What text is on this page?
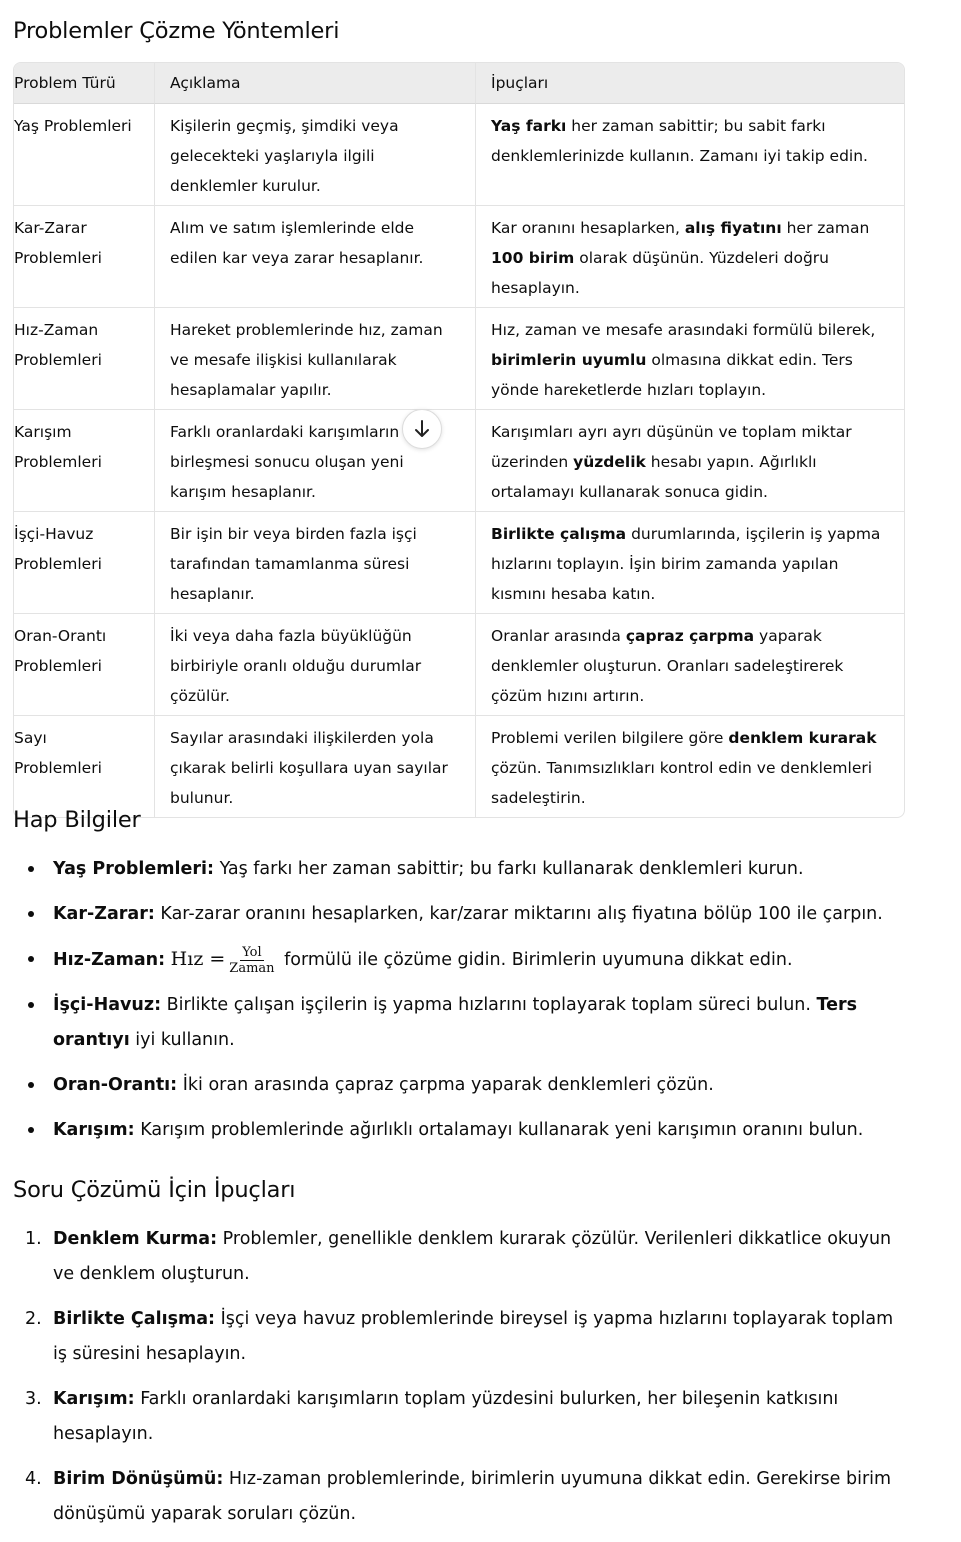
Problemler Çözme Yöntemleri
Problem Türü	Açıklama	İpuçları
Yaş Problemleri	Kişilerin geçmiş, şimdiki veya gelecekteki yaşlarıyla ilgili denklemler kurulur.	Yaş farkı her zaman sabittir; bu sabit farkı denklemlerinizde kullanın. Zamanı iyi takip edin.
Kar-Zarar Problemleri	Alım ve satım işlemlerinde elde edilen kar veya zarar hesaplanır.	Kar oranını hesaplarken, alış fiyatını her zaman 100 birim olarak düşünün. Yüzdeleri doğru hesaplayın.
Hız-Zaman Problemleri	Hareket problemlerinde hız, zaman ve mesafe ilişkisi kullanılarak hesaplamalar yapılır.	Hız, zaman ve mesafe arasındaki formülü bilerek, birimlerin uyumlu olmasına dikkat edin. Ters yönde hareketlerde hızları toplayın.
Karışım Problemleri	Farklı oranlardaki karışımların birleşmesi sonucu oluşan yeni karışım hesaplanır.	Karışımları ayrı ayrı düşünün ve toplam miktar üzerinden yüzdelik hesabı yapın. Ağırlıklı ortalamayı kullanarak sonuca gidin.
İşçi-Havuz Problemleri	Bir işin bir veya birden fazla işçi tarafından tamamlanma süresi hesaplanır.	Birlikte çalışma durumlarında, işçilerin iş yapma hızlarını toplayın. İşin birim zamanda yapılan kısmını hesaba katın.
Oran-Orantı Problemleri	İki veya daha fazla büyüklüğün birbiriyle oranlı olduğu durumlar çözülür.	Oranlar arasında çapraz çarpma yaparak denklemler oluşturun. Oranları sadeleştirerek çözüm hızını artırın.
Sayı Problemleri	Sayılar arasındaki ilişkilerden yola çıkarak belirli koşullara uyan sayılar bulunur.	Problemi verilen bilgilere göre denklem kurarak çözün. Tanımsızlıkları kontrol edin ve denklemleri sadeleştirin.
Hap Bilgiler
Yaş Problemleri: Yaş farkı her zaman sabittir; bu farkı kullanarak denklemleri kurun.
Kar-Zarar: Kar-zarar oranını hesaplarken, kar/zarar miktarını alış fiyatına bölüp 100 ile çarpın.
Hız-Zaman: Hız = $\frac{\text{Yol}}{\text{Zaman}}$ formülü ile çözüme gidin. Birimlerin uyumuna dikkat edin.
İşçi-Havuz: Birlikte çalışan işçilerin iş yapma hızlarını toplayarak toplam süreci bulun. Ters orantıyı iyi kullanın.
Oran-Orantı: İki oran arasında çapraz çarpma yaparak denklemleri çözün.
Karışım: Karışım problemlerinde ağırlıklı ortalamayı kullanarak yeni karışımın oranını bulun.
Soru Çözümü İçin İpuçları
1. Denklem Kurma: Problemler, genellikle denklem kurarak çözülür. Verilenleri dikkatlice okuyun ve denklem oluşturun.
2. Birlikte Çalışma: İşçi veya havuz problemlerinde bireysel iş yapma hızlarını toplayarak toplam iş süresini hesaplayın.
3. Karışım: Farklı oranlardaki karışımların toplam yüzdesini bulurken, her bileşenin katkısını hesaplayın.
4. Birim Dönüşümü: Hız-zaman problemlerinde, birimlerin uyumuna dikkat edin. Gerekirse birim dönüşümü yaparak soruları çözün.
